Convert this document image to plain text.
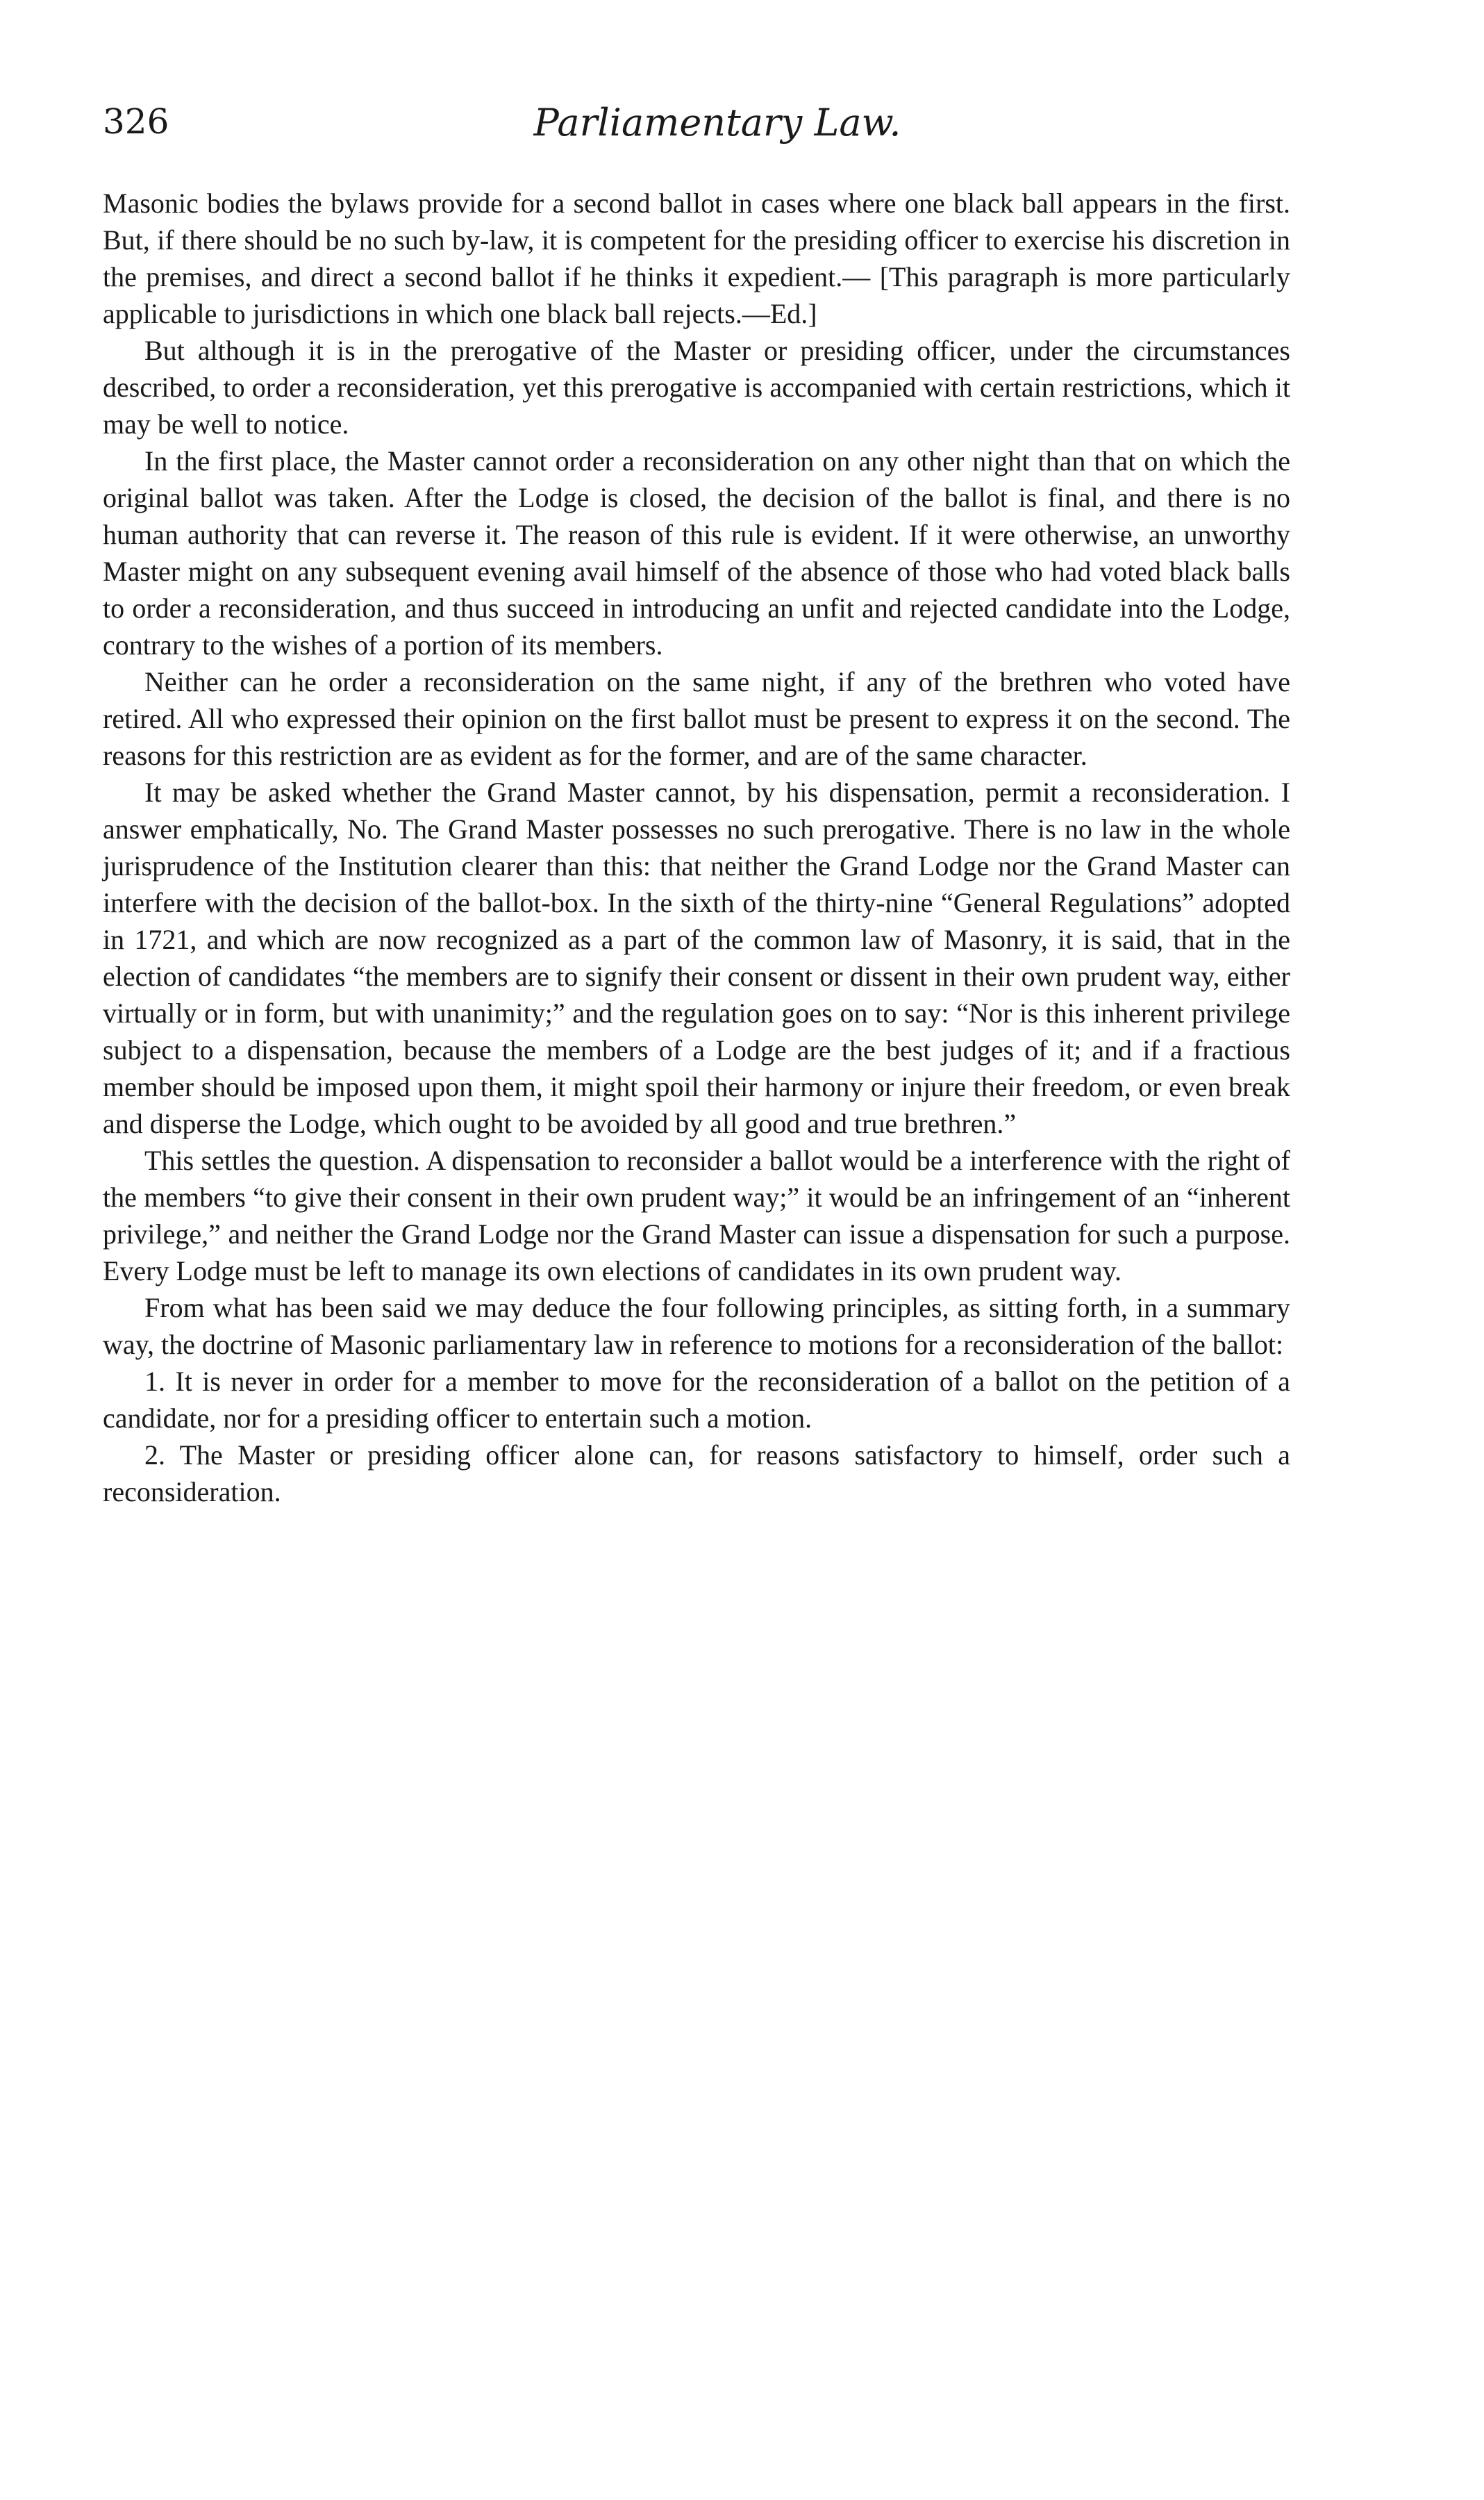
326	Parliamentary Law.

Masonic bodies the bylaws provide for a second ballot in cases where one black ball appears in the first. But, if there should be no such by-law, it is competent for the presiding officer to exercise his discretion in the premises, and direct a second ballot if he thinks it expedient.— [This paragraph is more particularly applicable to jurisdictions in which one black ball rejects.—Ed.]

But although it is in the prerogative of the Master or presiding officer, under the circumstances described, to order a reconsideration, yet this prerogative is accompanied with certain restrictions, which it may be well to notice.

In the first place, the Master cannot order a reconsideration on any other night than that on which the original ballot was taken. After the Lodge is closed, the decision of the ballot is final, and there is no human authority that can reverse it. The reason of this rule is evident. If it were otherwise, an unworthy Master might on any subsequent evening avail himself of the absence of those who had voted black balls to order a reconsideration, and thus succeed in introducing an unfit and rejected candidate into the Lodge, contrary to the wishes of a portion of its members.

Neither can he order a reconsideration on the same night, if any of the brethren who voted have retired. All who expressed their opinion on the first ballot must be present to express it on the second. The reasons for this restriction are as evident as for the former, and are of the same character.

It may be asked whether the Grand Master cannot, by his dispensation, permit a reconsideration. I answer emphatically, No. The Grand Master possesses no such prerogative. There is no law in the whole jurisprudence of the Institution clearer than this: that neither the Grand Lodge nor the Grand Master can interfere with the decision of the ballot-box. In the sixth of the thirty-nine “General Regulations” adopted in 1721, and which are now recognized as a part of the common law of Masonry, it is said, that in the election of candidates “the members are to signify their consent or dissent in their own prudent way, either virtually or in form, but with unanimity;” and the regulation goes on to say: “Nor is this inherent privilege subject to a dispensation, because the members of a Lodge are the best judges of it; and if a fractious member should be imposed upon them, it might spoil their harmony or injure their freedom, or even break and disperse the Lodge, which ought to be avoided by all good and true brethren.”

This settles the question. A dispensation to reconsider a ballot would be a interference with the right of the members “to give their consent in their own prudent way;” it would be an infringement of an “inherent privilege,” and neither the Grand Lodge nor the Grand Master can issue a dispensation for such a purpose. Every Lodge must be left to manage its own elections of candidates in its own prudent way.

From what has been said we may deduce the four following principles, as sitting forth, in a summary way, the doctrine of Masonic parliamentary law in reference to motions for a reconsideration of the ballot:

1. It is never in order for a member to move for the reconsideration of a ballot on the petition of a candidate, nor for a presiding officer to entertain such a motion.

2. The Master or presiding officer alone can, for reasons satisfactory to himself, order such a reconsideration.
